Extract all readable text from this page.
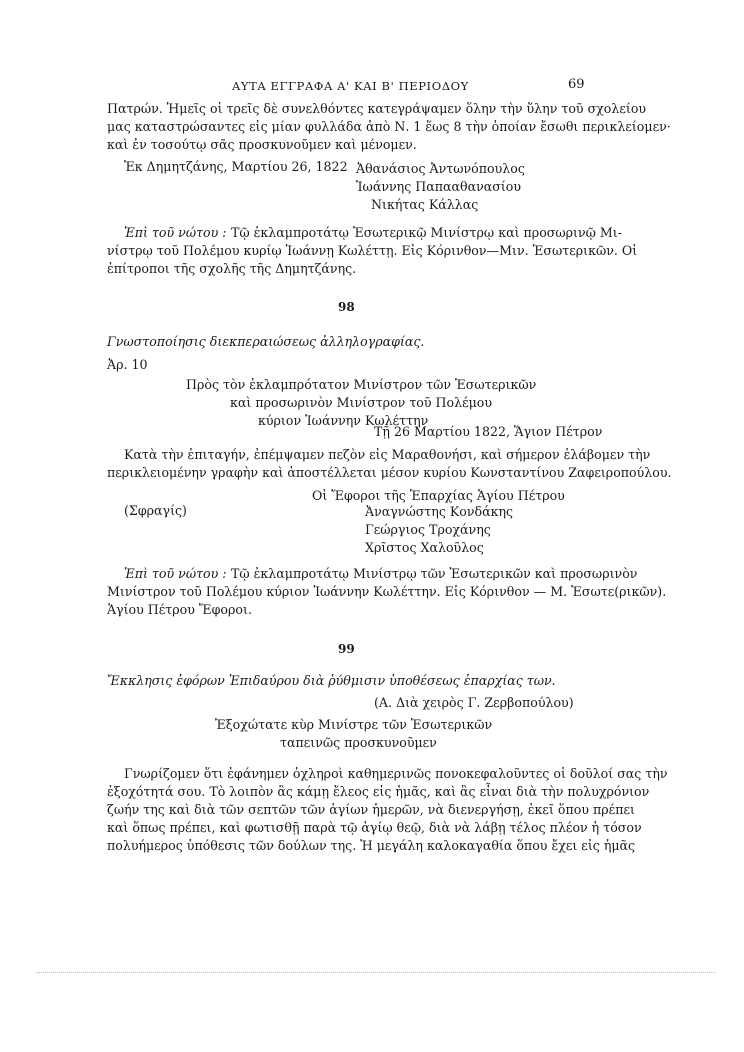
ΑΥΤΑ ΕΓΓΡΑΦΑ Α' ΚΑΙ Β' ΠΕΡΙΟΔΟΥ	69
Πατρών. Ἡμεῖς οἱ τρεῖς δὲ συνελθόντες κατεγράψαμεν ὅλην τὴν ὕλην τοῦ σχολείου
μας καταστρώσαντες εἰς μίαν φυλλάδα ἀπὸ Ν. 1 ἕως 8 τὴν ὁποίαν ἔσωθι περικλείομεν·
καὶ ἐν τοσούτῳ σᾶς προσκυνοῦμεν καὶ μένομεν.
Ἐκ Δημητζάνης, Μαρτίου 26, 1822 Ἀθανάσιος Ἀντωνόπουλος
Ἰωάννης Παπααθανασίου
Νικήτας Κάλλας
Ἐπὶ τοῦ νώτου : Τῷ ἐκλαμπροτάτῳ Ἐσωτερικῷ Μινίστρῳ καὶ προσωρινῷ Μι-
νίστρῳ τοῦ Πολέμου κυρίῳ Ἰωάννῃ Κωλέττῃ. Εἰς Κόρινθον—Μιν. Ἐσωτερικῶν. Οἱ
ἐπίτροποι τῆς σχολῆς τῆς Δημητζάνης.
98
Γνωστοποίησις διεκπεραιώσεως ἀλληλογραφίας.
Ἀρ. 10
Πρὸς τὸν ἐκλαμπρότατον Μινίστρον τῶν Ἐσωτερικῶν
καὶ προσωρινὸν Μινίστρον τοῦ Πολέμου
κύριον Ἰωάννην Κωλέττην
Τῇ 26 Μαρτίου 1822, Ἅγιον Πέτρον
Κατὰ τὴν ἐπιταγήν, ἐπέμψαμεν πεζὸν εἰς Μαραθονήσι, καὶ σήμερον ἐλάβομεν τὴν
περικλειομένην γραφὴν καὶ ἀποστέλλεται μέσον κυρίου Κωνσταντίνου Ζαφειροπούλου.
Οἱ Ἔφοροι τῆς Ἐπαρχίας Ἁγίου Πέτρου
(Σφραγίς)	Ἀναγνώστης Κονδάκης
Γεώργιος Τροχάνης
Χρῖστος Χαλοῦλος
Ἐπὶ τοῦ νώτου : Τῷ ἐκλαμπροτάτῳ Μινίστρῳ τῶν Ἐσωτερικῶν καὶ προσωρινὸν
Μινίστρον τοῦ Πολέμου κύριον Ἰωάννην Κωλέττην. Εἰς Κόρινθον — Μ. Ἐσωτε(ρικῶν).
Ἁγίου Πέτρου Ἔφοροι.
99
Ἔκκλησις ἐφόρων Ἐπιδαύρου διὰ ῥύθμισιν ὑποθέσεως ἐπαρχίας των.
(Α. Διὰ χειρὸς Γ. Ζερβοπούλου)
Ἐξοχώτατε κὺρ Μινίστρε τῶν Ἐσωτερικῶν
ταπεινῶς προσκυνοῦμεν
Γνωρίζομεν ὅτι ἐφάνημεν ὀχληροὶ καθημερινῶς πονοκεφαλοῦντες οἱ δοῦλοί σας τὴν
ἐξοχότητά σου. Τὸ λοιπὸν ἂς κάμῃ ἔλεος εἰς ἡμᾶς, καὶ ἂς εἶναι διὰ τὴν πολυχρόνιον
ζωήν της καὶ διὰ τῶν σεπτῶν τῶν ἁγίων ἡμερῶν, νὰ διενεργήσῃ, ἐκεῖ ὅπου πρέπει
καὶ ὅπως πρέπει, καὶ φωτισθῇ παρὰ τῷ ἁγίῳ θεῷ, διὰ νὰ λάβῃ τέλος πλέον ἡ τόσον
πολυήμερος ὑπόθεσις τῶν δούλων της. Ἡ μεγάλη καλοκαγαθία ὅπου ἔχει εἰς ἡμᾶς
